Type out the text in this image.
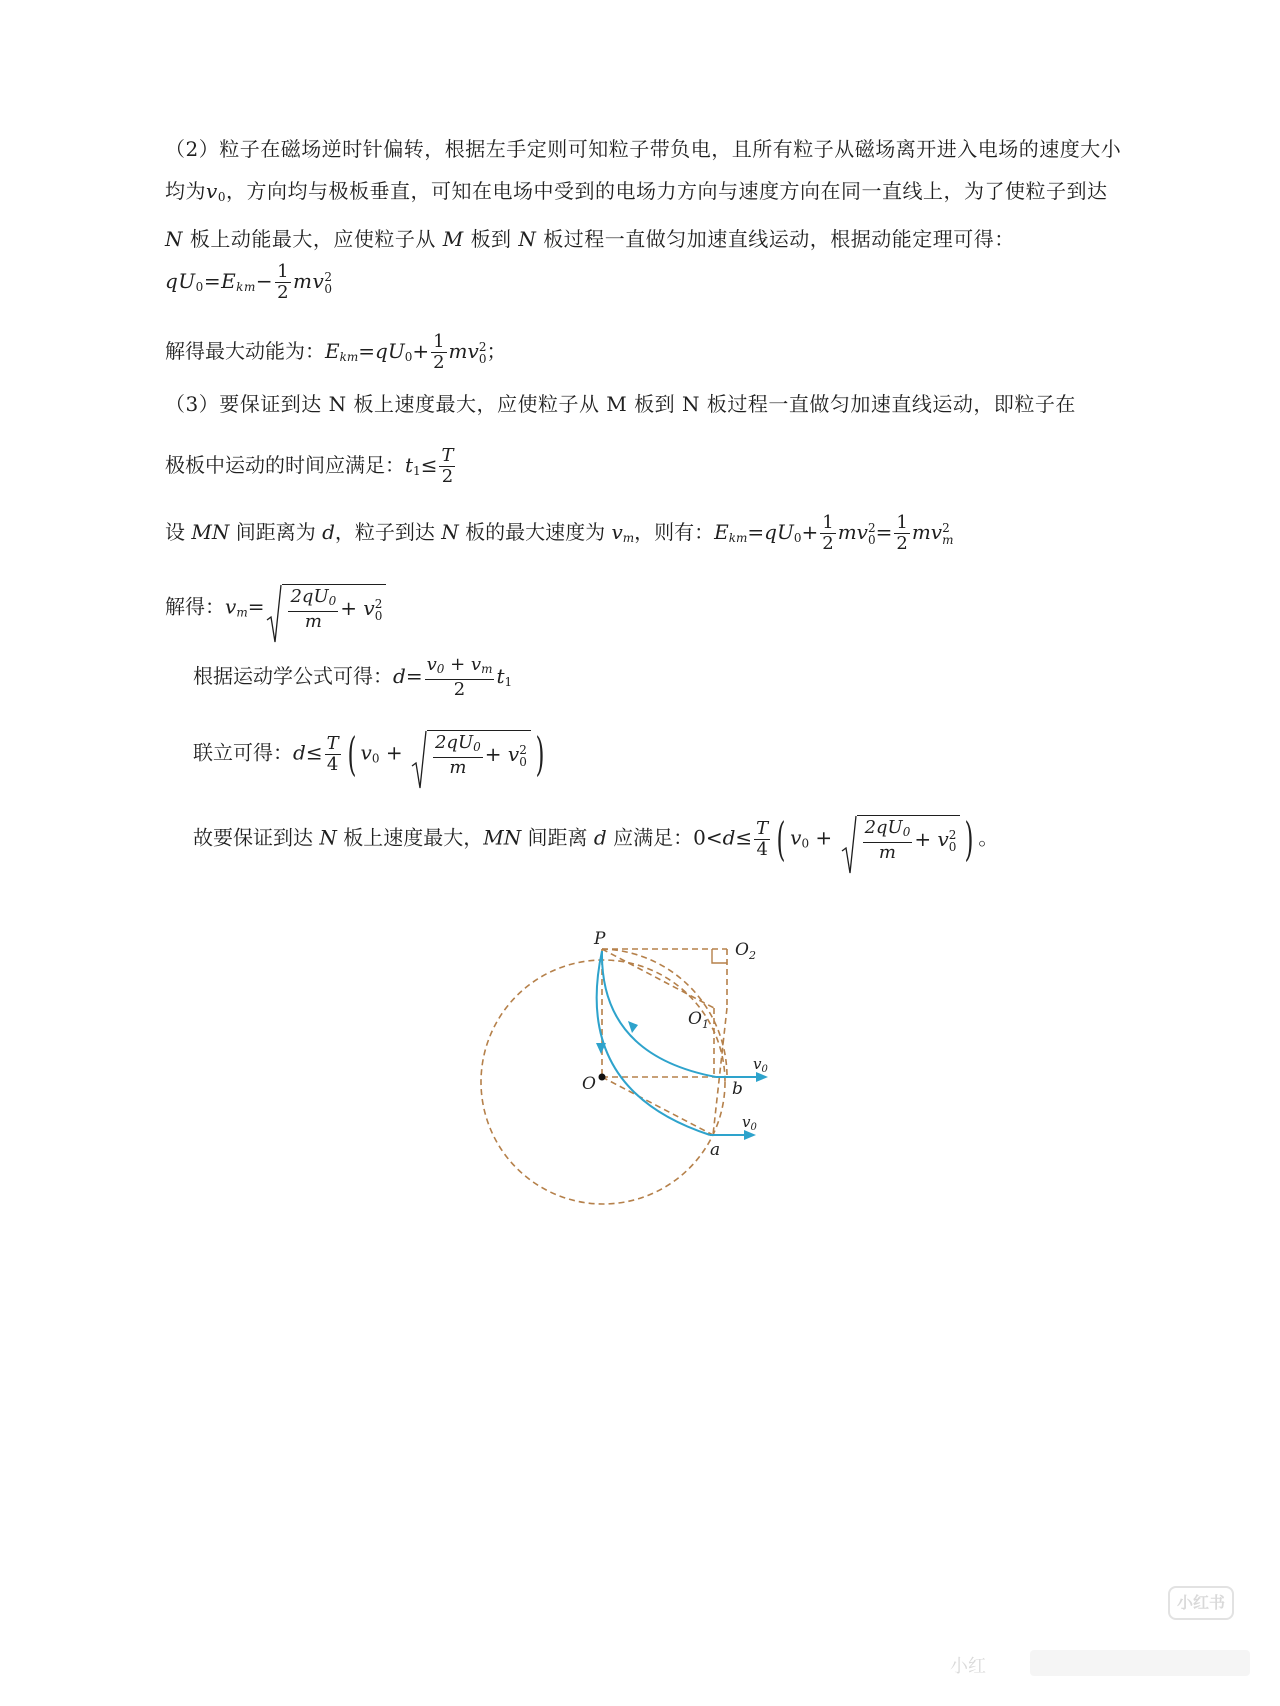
（2）粒子在磁场逆时针偏转，根据左手定则可知粒子带负电，且所有粒子从磁场离开进入电场的速度大小均为$v_0$，方向均与极板垂直，可知在电场中受到的电场力方向与速度方向在同一直线上，为了使粒子到达 N 板上动能最大，应使粒子从 M 板到 N 板过程一直做匀加速直线运动，根据动能定理可得： $qU_0=E_{km}- \frac{1}{2}$ mv 2
0
解得最大动能为：$E_{km}=qU_0+ \frac{1}{2}$ mv 2
0 ；
（3）要保证到达 N 板上速度最大，应使粒子从 M 板到 N 板过程一直做匀加速直线运动，即粒子在
极板中运动的时间应满足：$t_1\le \frac{T}{2}$
设 MN 间距离为 d，粒子到达 N 板的最大速度为 $v_m$，则有：$E_{km}=qU_0+ \frac{1}{2}$ mv 2
$0 = \frac{1}{2}$ mv 2
m
解得：$v_m= \frac{2qU_0}{m} + v$ 2
0
根据运动学公式可得：$d= \frac{v_0 + v_m}{2} t_1$
联立可得：$d\le \frac{T}{4}$ ( $v_0 + \frac{2qU_0}{m} + v$ 2
0 )
故要保证到达 N 板上速度最大，MN 间距离 d 应满足：$0<d\le \frac{T}{4}$ ( $v_0 + \frac{2qU_0}{m} + v$ 2
0 ) 。
P
$O_2$
$O_1$
O	b
a
$v_0$
$v_0$
小红书
小红
